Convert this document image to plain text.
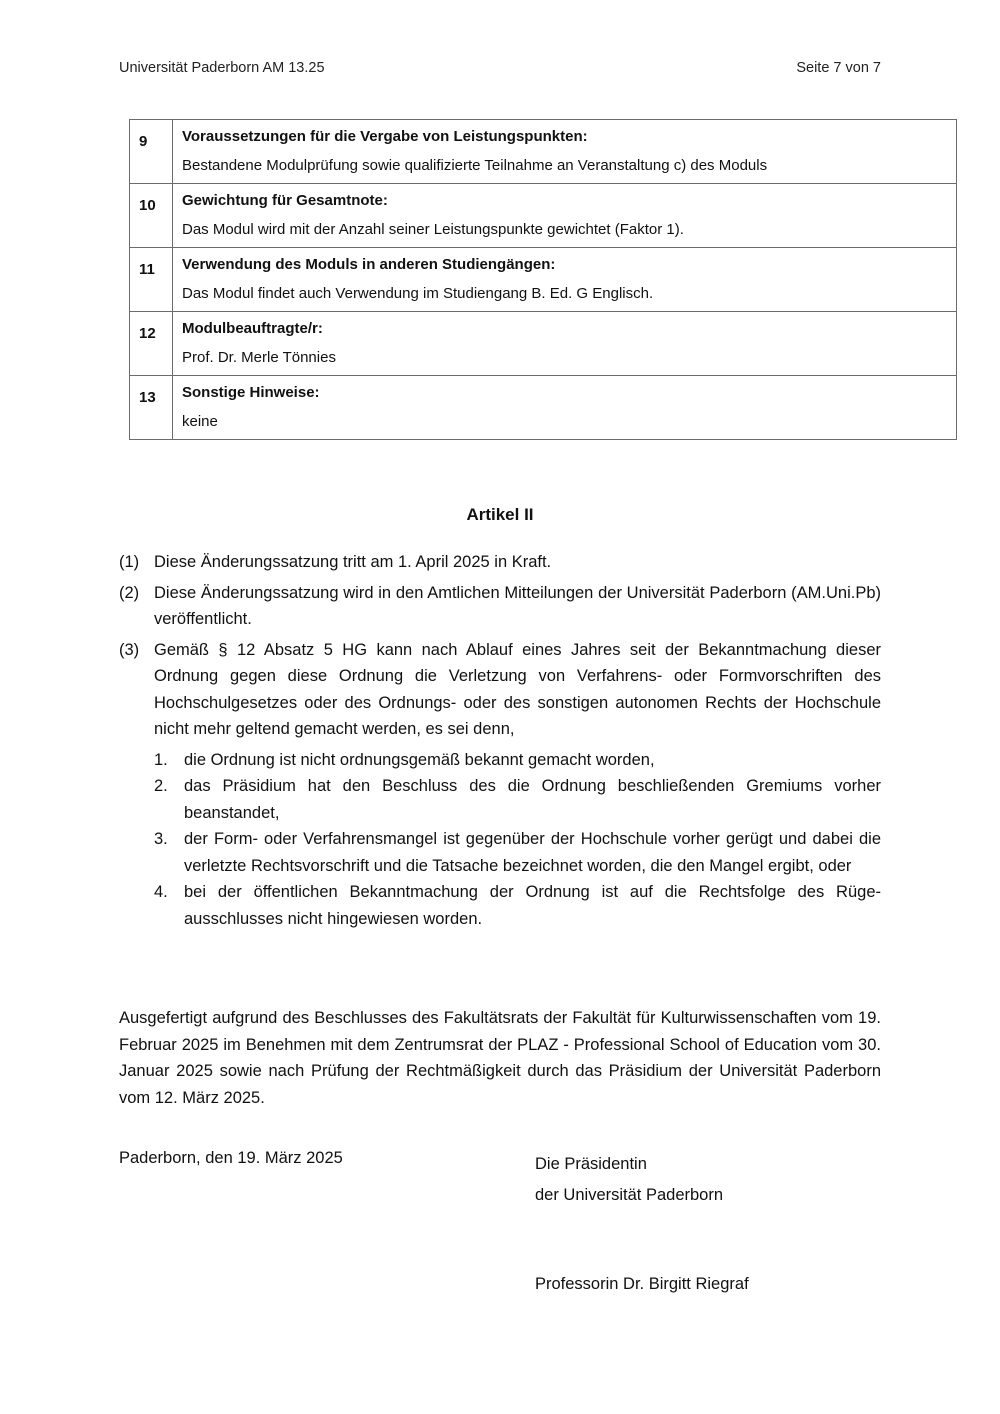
Universität Paderborn AM 13.25	Seite 7 von 7
9	Voraussetzungen für die Vergabe von Leistungspunkten:
Bestandene Modulprüfung sowie qualifizierte Teilnahme an Veranstaltung c) des Moduls

10	Gewichtung für Gesamtnote:
Das Modul wird mit der Anzahl seiner Leistungspunkte gewichtet (Faktor 1).

11	Verwendung des Moduls in anderen Studiengängen:
Das Modul findet auch Verwendung im Studiengang B. Ed. G Englisch.

12	Modulbeauftragte/r:
Prof. Dr. Merle Tönnies

13	Sonstige Hinweise:
keine
Artikel II
(1) Diese Änderungssatzung tritt am 1. April 2025 in Kraft.
(2) Diese Änderungssatzung wird in den Amtlichen Mitteilungen der Universität Paderborn (AM.Uni.Pb) veröffentlicht.
(3) Gemäß § 12 Absatz 5 HG kann nach Ablauf eines Jahres seit der Bekanntmachung dieser Ordnung gegen diese Ordnung die Verletzung von Verfahrens- oder Formvorschriften des Hochschulgesetzes oder des Ordnungs- oder des sonstigen autonomen Rechts der Hochschule nicht mehr geltend gemacht werden, es sei denn,
1. die Ordnung ist nicht ordnungsgemäß bekannt gemacht worden,
2. das Präsidium hat den Beschluss des die Ordnung beschließenden Gremiums vorher beanstandet,
3. der Form- oder Verfahrensmangel ist gegenüber der Hochschule vorher gerügt und dabei die verletzte Rechtsvorschrift und die Tatsache bezeichnet worden, die den Mangel ergibt, oder
4. bei der öffentlichen Bekanntmachung der Ordnung ist auf die Rechtsfolge des Rügeausschlusses nicht hingewiesen worden.
Ausgefertigt aufgrund des Beschlusses des Fakultätsrats der Fakultät für Kulturwissenschaften vom 19. Februar 2025 im Benehmen mit dem Zentrumsrat der PLAZ - Professional School of Education vom 30. Januar 2025 sowie nach Prüfung der Rechtmäßigkeit durch das Präsidium der Universität Paderborn vom 12. März 2025.
Paderborn, den 19. März 2025	Die Präsidentin
der Universität Paderborn
Professorin Dr. Birgitt Riegraf
